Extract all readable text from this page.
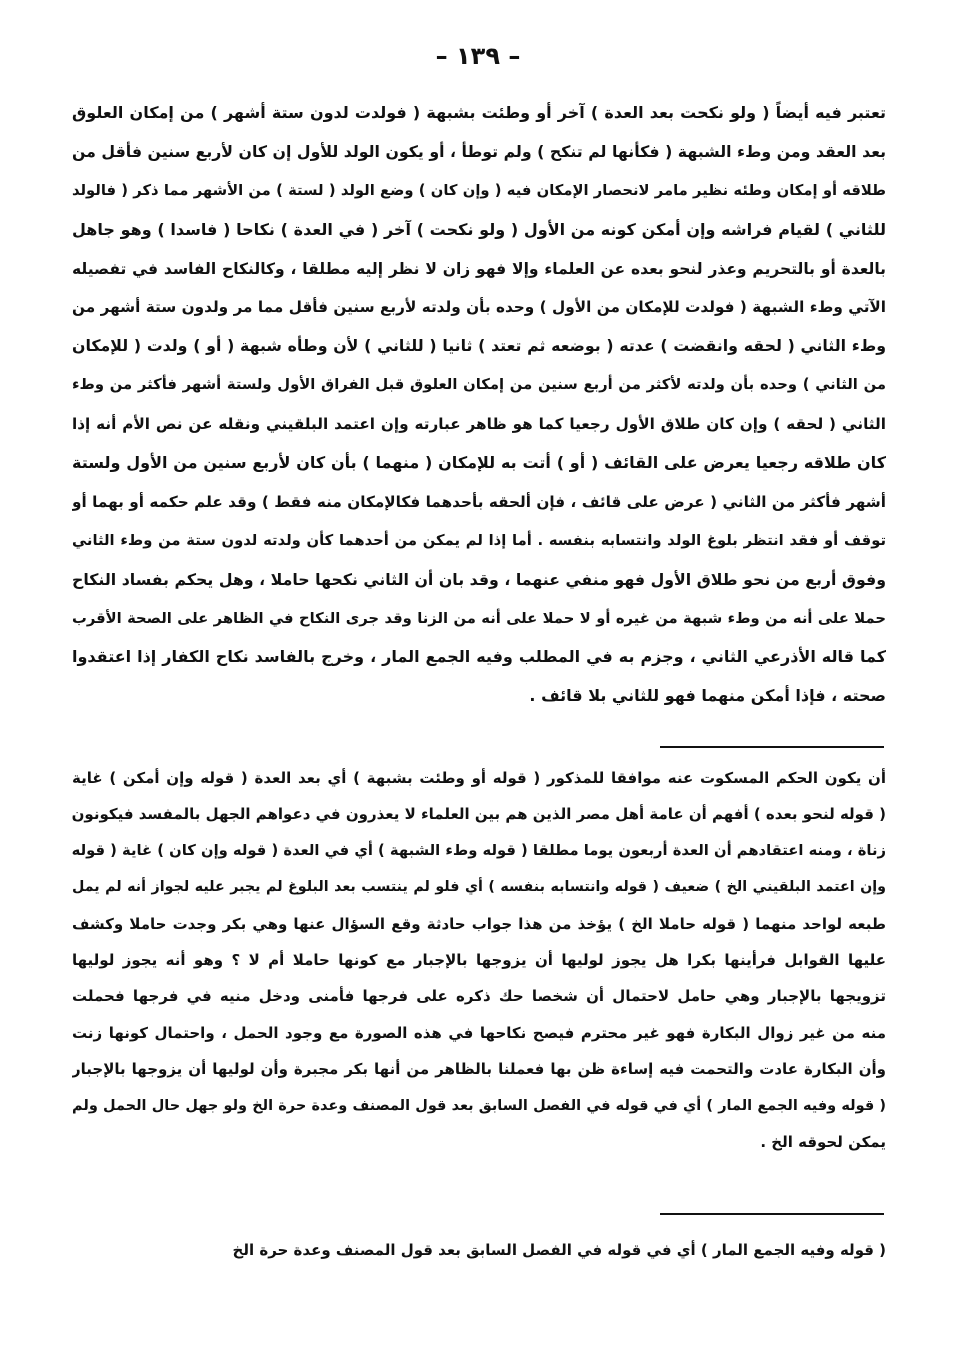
– ١٣٩ –
تعتبر فيه أيضاً ( ولو نكحت بعد العدة ) آخر أو وطئت بشبهة ( فولدت لدون ستة أشهر ) من إمكان العلوق
بعد العقد ومن وطء الشبهة ( فكأنها لم تنكح ) ولم توطأ ، أو يكون الولد للأول إن كان لأربع سنين فأقل من
طلاقه أو إمكان وطئه نظير مامر لانحصار الإمكان فيه ( وإن كان ) وضع الولد ( لستة ) من الأشهر مما ذكر ( فالولد
للثاني ) لقيام فراشه وإن أمكن كونه من الأول ( ولو نكحت ) آخر ( في العدة ) نكاحا ( فاسدا ) وهو جاهل
بالعدة أو بالتحريم وعذر لنحو بعده عن العلماء وإلا فهو زان لا نظر إليه مطلقا ، وكالنكاح الفاسد في تفصيله
الآتي وطء الشبهة ( فولدت للإمكان من الأول ) وحده بأن ولدته لأربع سنين فأقل مما مر ولدون ستة أشهر من
وطء الثاني ( لحقه وانقضت ) عدته ( بوضعه ثم تعتد ) ثانيا ( للثاني ) لأن وطأه شبهة ( أو ) ولدت ( للإمكان
من الثاني ) وحده بأن ولدته لأكثر من أربع سنين من إمكان العلوق قبل الفراق الأول ولستة أشهر فأكثر من وطء
الثاني ( لحقه ) وإن كان طلاق الأول رجعيا كما هو ظاهر عبارته وإن اعتمد البلقيني ونقله عن نص الأم أنه إذا
كان طلاقه رجعيا يعرض على القائف ( أو ) أتت به للإمكان ( منهما ) بأن كان لأربع سنين من الأول ولستة
أشهر فأكثر من الثاني ( عرض على قائف ، فإن ألحقه بأحدهما فكالإمكان منه فقط ) وقد علم حكمه أو بهما أو
توقف أو فقد انتظر بلوغ الولد وانتسابه بنفسه . أما إذا لم يمكن من أحدهما كأن ولدته لدون ستة من وطء الثاني
وفوق أربع من نحو طلاق الأول فهو منفي عنهما ، وقد بان أن الثاني نكحها حاملا ، وهل يحكم بفساد النكاح
حملا على أنه من وطء شبهة من غيره أو لا حملا على أنه من الزنا وقد جرى النكاح في الظاهر على الصحة الأقرب
كما قاله الأذرعي الثاني ، وجزم به في المطلب وفيه الجمع المار ، وخرج بالفاسد نكاح الكفار إذا اعتقدوا
صحته ، فإذا أمكن منهما فهو للثاني بلا قائف .
أن يكون الحكم المسكوت عنه موافقا للمذكور ( قوله أو وطئت بشبهة ) أي بعد العدة ( قوله وإن أمكن ) غاية
( قوله لنحو بعده ) أفهم أن عامة أهل مصر الذين هم بين العلماء لا يعذرون في دعواهم الجهل بالمفسد فيكونون
زناة ، ومنه اعتقادهم أن العدة أربعون يوما مطلقا ( قوله وطء الشبهة ) أي في العدة ( قوله وإن كان ) غاية ( قوله
وإن اعتمد البلقيني الخ ) ضعيف ( قوله وانتسابه بنفسه ) أي فلو لم ينتسب بعد البلوغ لم يجبر عليه لجواز أنه لم يمل
طبعه لواحد منهما ( قوله حاملا الخ ) يؤخذ من هذا جواب حادثة وقع السؤال عنها وهي بكر وجدت حاملا وكشف
عليها القوابل فرأينها بكرا هل يجوز لوليها أن يزوجها بالإجبار مع كونها حاملا أم لا ؟ وهو أنه يجوز لوليها
تزويجها بالإجبار وهي حامل لاحتمال أن شخصا حك ذكره على فرجها فأمنى ودخل منيه في فرجها فحملت
منه من غير زوال البكارة فهو غير محترم فيصح نكاحها في هذه الصورة مع وجود الحمل ، واحتمال كونها زنت
وأن البكارة عادت والتحمت فيه إساءة ظن بها فعملنا بالظاهر من أنها بكر مجبرة وأن لوليها أن يزوجها بالإجبار
( قوله وفيه الجمع المار ) أي في قوله في الفصل السابق بعد قول المصنف وعدة حرة الخ ولو جهل حال الحمل ولم
يمكن لحوقه الخ .
( قوله وفيه الجمع المار ) أي في قوله في الفصل السابق بعد قول المصنف وعدة حرة الخ
